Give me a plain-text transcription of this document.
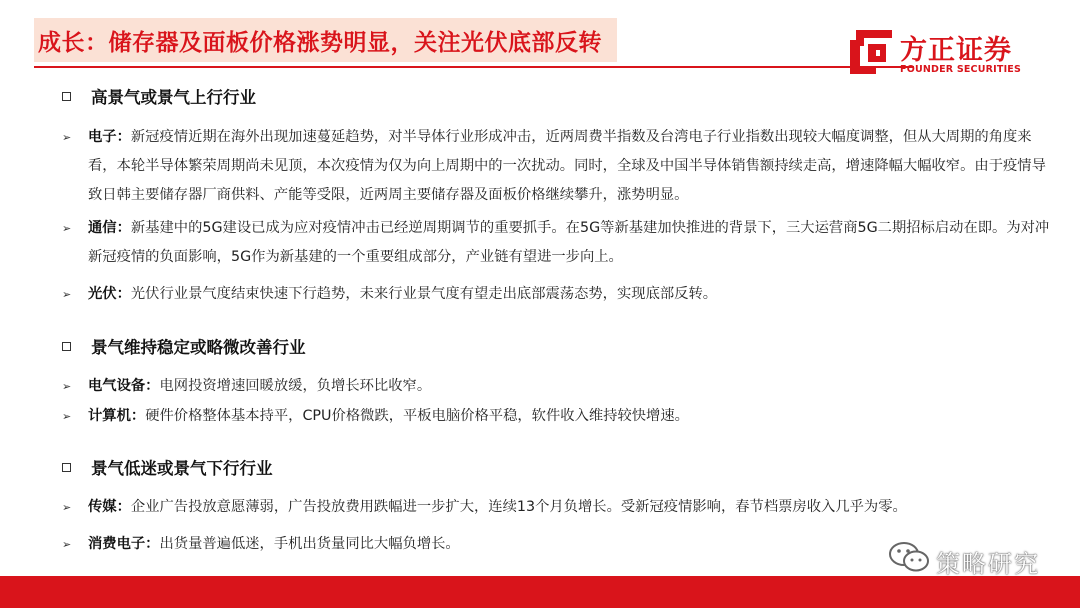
成长：储存器及面板价格涨势明显，关注光伏底部反转	方正证券
FOUNDER SECURITIES
高景气或景气上行行业
➢ 电子：新冠疫情近期在海外出现加速蔓延趋势，对半导体行业形成冲击，近两周费半指数及台湾电子行业指数出现较大幅度调整，但从大周期的角度来看，本轮半导体繁荣周期尚未见顶，本次疫情为仅为向上周期中的一次扰动。同时，全球及中国半导体销售额持续走高，增速降幅大幅收窄。由于疫情导致日韩主要储存器厂商供料、产能等受限，近两周主要储存器及面板价格继续攀升，涨势明显。
➢ 通信：新基建中的5G建设已成为应对疫情冲击已经逆周期调节的重要抓手。在5G等新基建加快推进的背景下，三大运营商5G二期招标启动在即。为对冲新冠疫情的负面影响，5G作为新基建的一个重要组成部分，产业链有望进一步向上。
➢ 光伏：光伏行业景气度结束快速下行趋势，未来行业景气度有望走出底部震荡态势，实现底部反转。
景气维持稳定或略微改善行业
➢ 电气设备：电网投资增速回暖放缓，负增长环比收窄。
➢ 计算机：硬件价格整体基本持平，CPU价格微跌，平板电脑价格平稳，软件收入维持较快增速。
景气低迷或景气下行行业
➢ 传媒：企业广告投放意愿薄弱，广告投放费用跌幅进一步扩大，连续13个月负增长。受新冠疫情影响，春节档票房收入几乎为零。
➢ 消费电子：出货量普遍低迷，手机出货量同比大幅负增长。
策略研究
